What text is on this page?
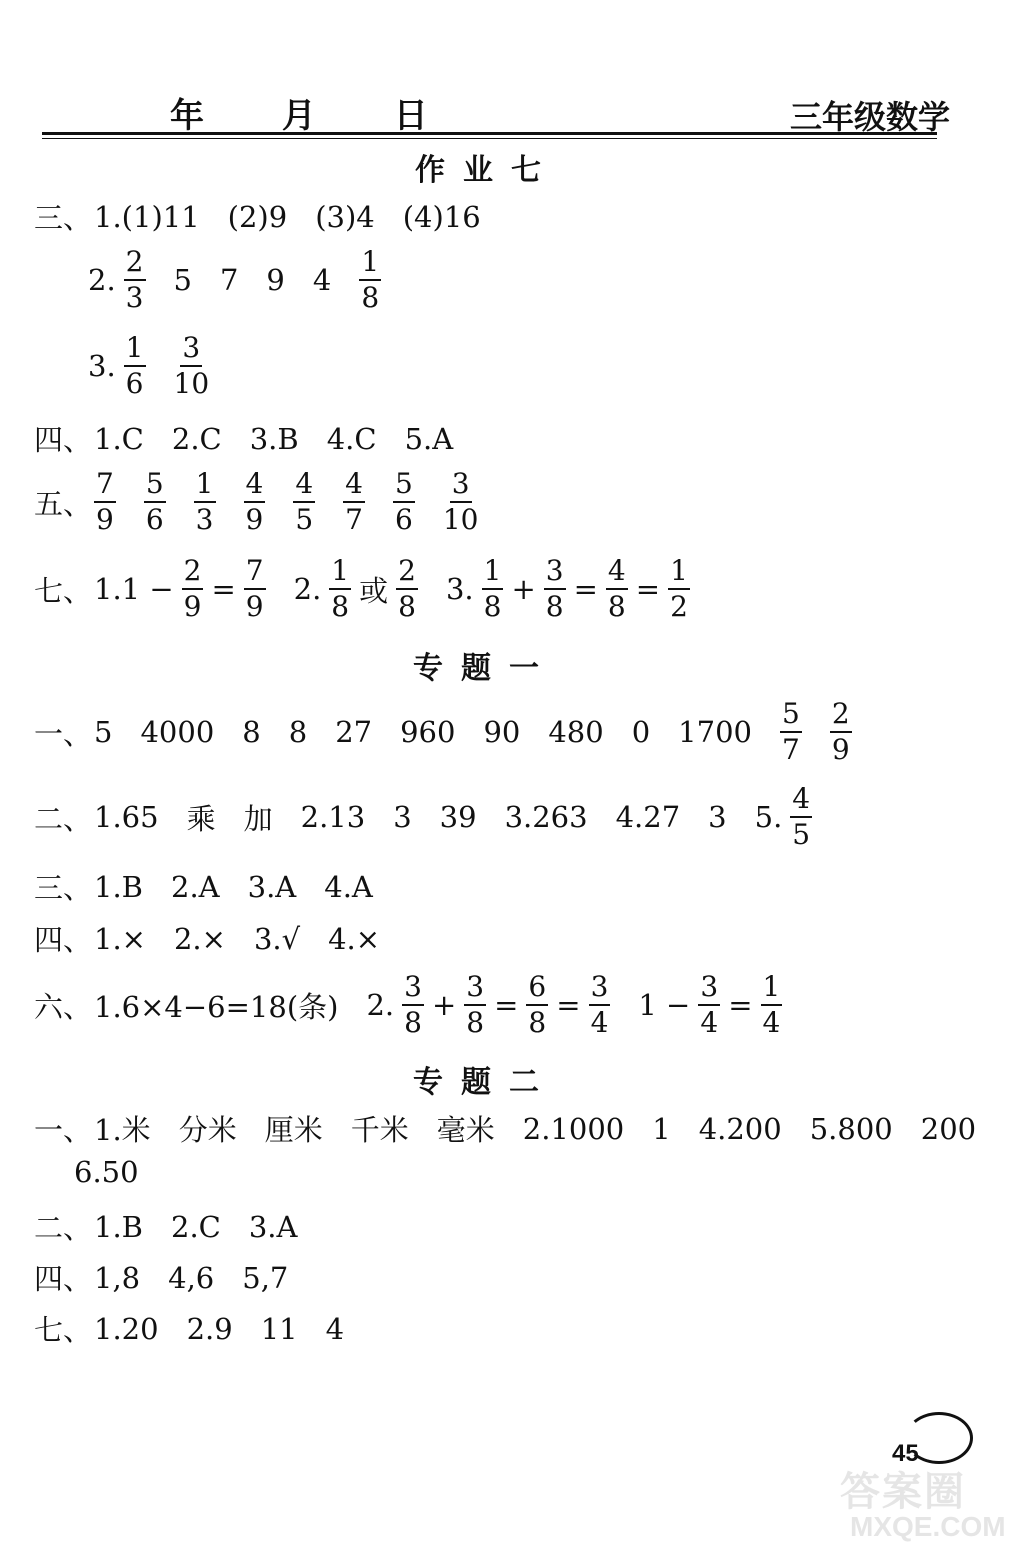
年 月 日	三年级数学
作业七
三、 1.(1)11 (2)9 (3)4 (4)16
2. $\frac{2}{3} 5$ 7 9 $4 \frac{1}{8}$
3. $\frac{1}{6} \frac{3}{10}$
四、 1.C 2.C 3.B 4.C 5.A
五、 $\frac{7}{9} \frac{5}{6} \frac{1}{3} \frac{4}{9} \frac{4}{5} \frac{4}{7} \frac{5}{6} \frac{3}{10}$
七、 $1.1 - \frac{2}{9} = \frac{7}{9} 2$. $\frac{1}{8}$ 或 $\frac{2}{8} 3$. $\frac{1}{8} + \frac{3}{8} = \frac{4}{8} = \frac{1}{2}$
专题一
一、 5 4000 8 8 27 960 90 480 0 $1700 \frac{5}{7} \frac{2}{9}$
二、 1.65 乘 加 2.13 3 39 3.263 4.27 3 5. $\frac{4}{5}$
三、 1.B 2.A 3.A 4.A
四、 1.× 2.× 3.√ 4.×
六、 1.6×4−6=18(条) 2. $\frac{3}{8} + \frac{3}{8} = \frac{6}{8} = \frac{3}{4} 1 - \frac{3}{4} = \frac{1}{4}$
专题二
一、 1.米 分米 厘米 千米 毫米 2.1000 1 4.200 5.800 200
6.50
二、 1.B 2.C 3.A
四、 1,8 4,6 5,7
七、 1.20 2.9 11 4
45
答案圈
MXQE.COM
